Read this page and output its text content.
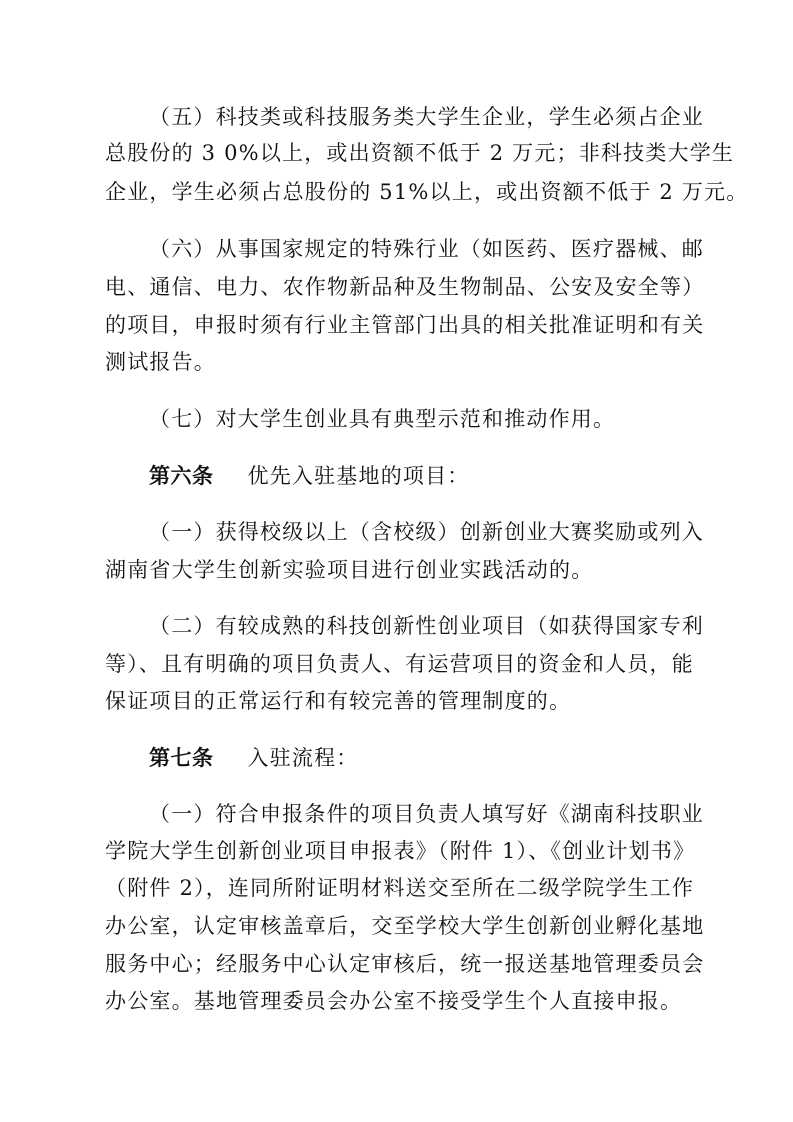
（五）科技类或科技服务类大学生企业，学生必须占企业
总股份的 3 0%以上，或出资额不低于 2 万元；非科技类大学生
企业，学生必须占总股份的 51%以上，或出资额不低于 2 万元。
（六）从事国家规定的特殊行业（如医药、医疗器械、邮
电、通信、电力、农作物新品种及生物制品、公安及安全等）
的项目，申报时须有行业主管部门出具的相关批准证明和有关
测试报告。
（七）对大学生创业具有典型示范和推动作用。
第六条 优先入驻基地的项目：
（一）获得校级以上（含校级）创新创业大赛奖励或列入
湖南省大学生创新实验项目进行创业实践活动的。
（二）有较成熟的科技创新性创业项目（如获得国家专利
等）、且有明确的项目负责人、有运营项目的资金和人员，能
保证项目的正常运行和有较完善的管理制度的。
第七条 入驻流程：
（一）符合申报条件的项目负责人填写好《湖南科技职业
学院大学生创新创业项目申报表》（附件 1）、《创业计划书》
（附件 2），连同所附证明材料送交至所在二级学院学生工作
办公室，认定审核盖章后，交至学校大学生创新创业孵化基地
服务中心；经服务中心认定审核后，统一报送基地管理委员会
办公室。基地管理委员会办公室不接受学生个人直接申报。
